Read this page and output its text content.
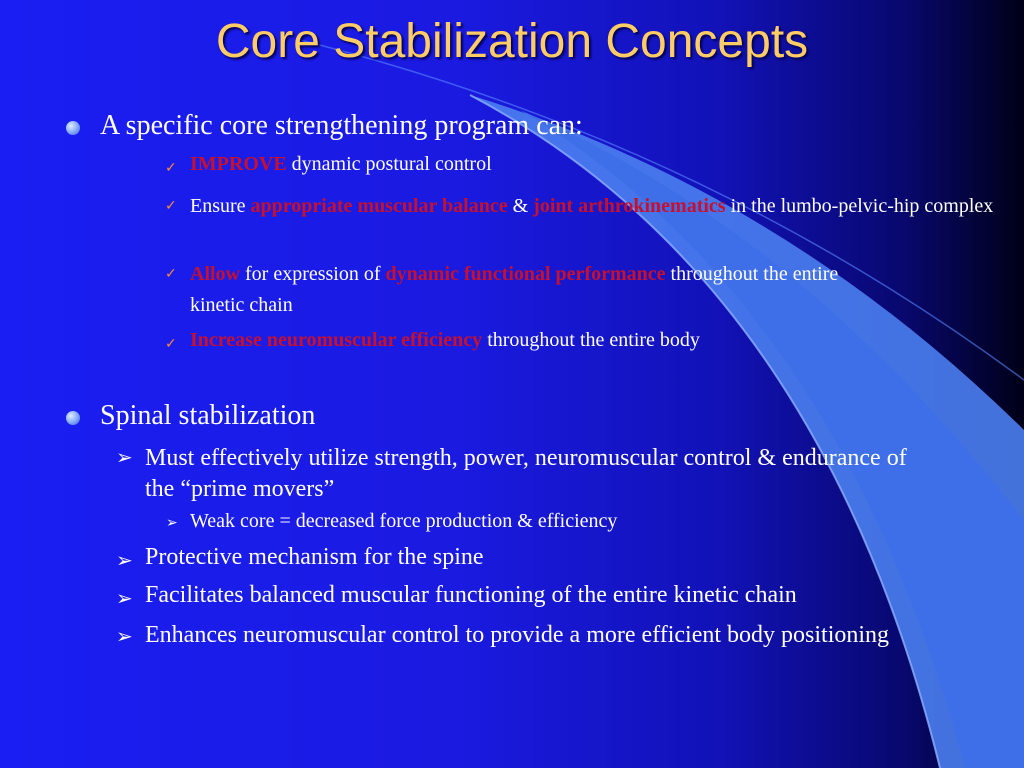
Core Stabilization Concepts
A specific core strengthening program can:
✓ IMPROVE dynamic postural control
✓ Ensure appropriate muscular balance & joint arthrokinematics in the lumbo-pelvic-hip complex
✓ Allow for expression of dynamic functional performance throughout the entire kinetic chain
✓ Increase neuromuscular efficiency throughout the entire body
Spinal stabilization
➢ Must effectively utilize strength, power, neuromuscular control & endurance of the “prime movers”
➢ Weak core = decreased force production & efficiency
➢ Protective mechanism for the spine
➢ Facilitates balanced muscular functioning of the entire kinetic chain
➢ Enhances neuromuscular control to provide a more efficient body positioning
